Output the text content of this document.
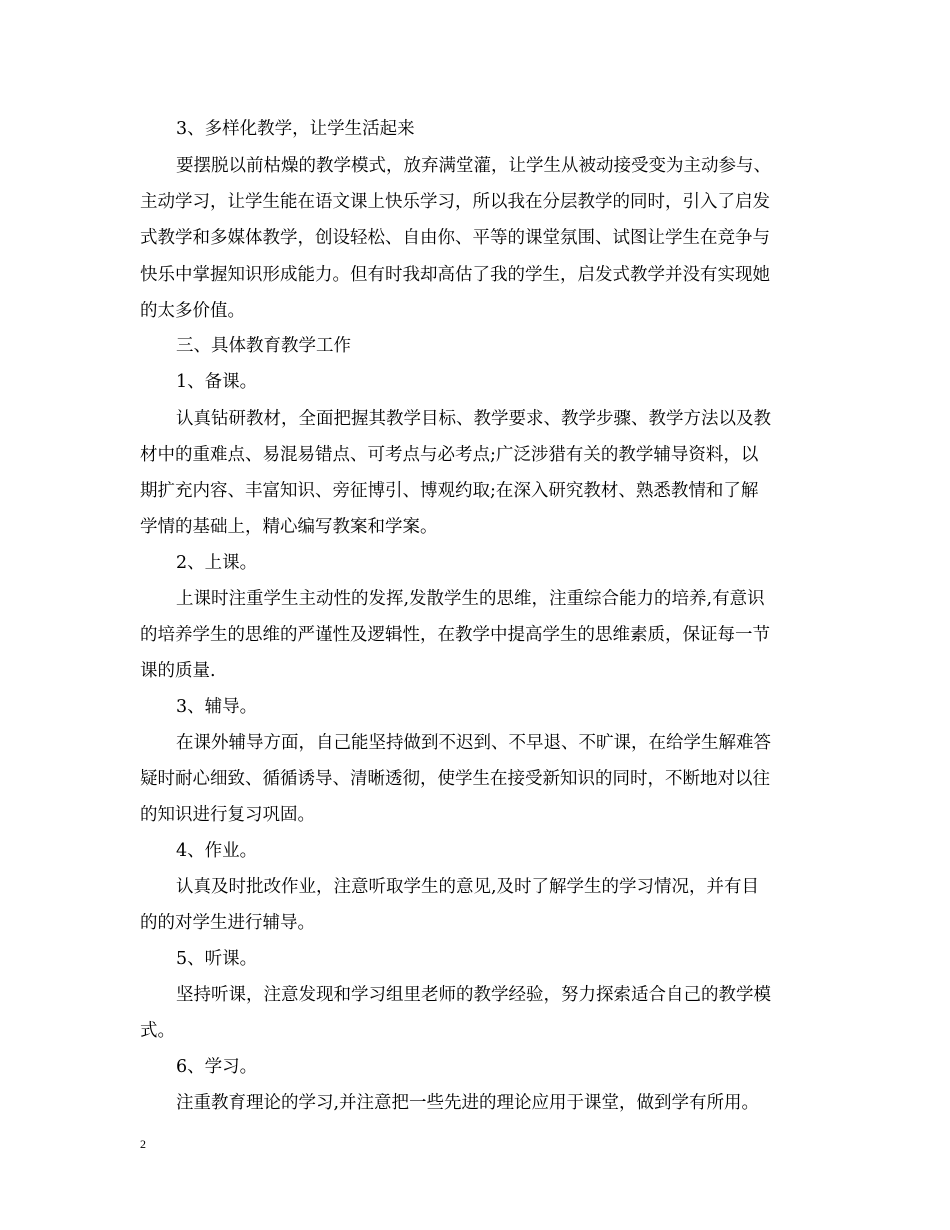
3、多样化教学，让学生活起来
要摆脱以前枯燥的教学模式，放弃满堂灌，让学生从被动接受变为主动参与、
主动学习，让学生能在语文课上快乐学习，所以我在分层教学的同时，引入了启发
式教学和多媒体教学，创设轻松、自由你、平等的课堂氛围、试图让学生在竞争与
快乐中掌握知识形成能力。但有时我却高估了我的学生，启发式教学并没有实现她
的太多价值。
三、具体教育教学工作
1、备课。
认真钻研教材，全面把握其教学目标、教学要求、教学步骤、教学方法以及教
材中的重难点、易混易错点、可考点与必考点;广泛涉猎有关的教学辅导资料，以
期扩充内容、丰富知识、旁征博引、博观约取;在深入研究教材、熟悉教情和了解
学情的基础上，精心编写教案和学案。
2、上课。
上课时注重学生主动性的发挥,发散学生的思维，注重综合能力的培养,有意识
的培养学生的思维的严谨性及逻辑性，在教学中提高学生的思维素质，保证每一节
课的质量.
3、辅导。
在课外辅导方面，自己能坚持做到不迟到、不早退、不旷课，在给学生解难答
疑时耐心细致、循循诱导、清晰透彻，使学生在接受新知识的同时，不断地对以往
的知识进行复习巩固。
4、作业。
认真及时批改作业，注意听取学生的意见,及时了解学生的学习情况，并有目
的的对学生进行辅导。
5、听课。
坚持听课，注意发现和学习组里老师的教学经验，努力探索适合自己的教学模
式。
6、学习。
注重教育理论的学习,并注意把一些先进的理论应用于课堂，做到学有所用。
2
